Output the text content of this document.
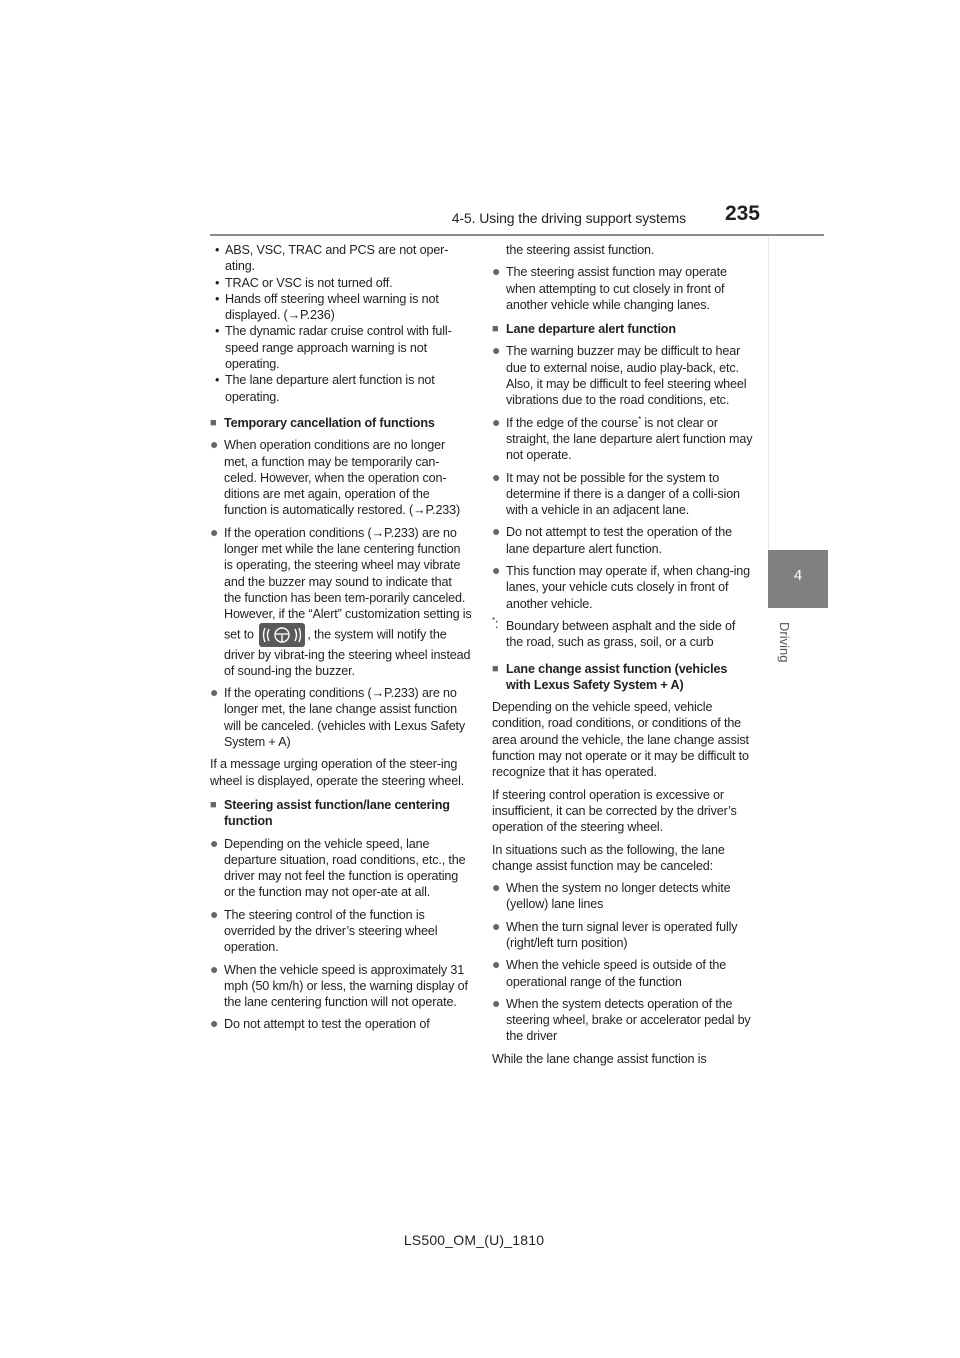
4-5. Using the driving support systems 235
4
Driving
• ABS, VSC, TRAC and PCS are not oper-ating.
• TRAC or VSC is not turned off.
• Hands off steering wheel warning is not displayed. (→P.236)
• The dynamic radar cruise control with full-speed range approach warning is not operating.
• The lane departure alert function is not operating.
■ Temporary cancellation of functions
● When operation conditions are no longer met, a function may be temporarily can-celed. However, when the operation con-ditions are met again, operation of the function is automatically restored. (→P.233)
● If the operation conditions (→P.233) are no longer met while the lane centering function is operating, the steering wheel may vibrate and the buzzer may sound to indicate that the function has been tem-porarily canceled. However, if the “Alert” customization setting is set to	, the system will notify the driver by vibrat-ing the steering wheel instead of sound-ing the buzzer.
● If the operating conditions (→P.233) are no longer met, the lane change assist function will be canceled. (vehicles with Lexus Safety System + A)
If a message urging operation of the steer-ing wheel is displayed, operate the steering wheel.
■ Steering assist function/lane centering function
● Depending on the vehicle speed, lane departure situation, road conditions, etc., the driver may not feel the function is operating or the function may not oper-ate at all.
● The steering control of the function is overrided by the driver’s steering wheel operation.
● When the vehicle speed is approximately 31 mph (50 km/h) or less, the warning display of the lane centering function will not operate.
● Do not attempt to test the operation of
the steering assist function.
● The steering assist function may operate when attempting to cut closely in front of another vehicle while changing lanes.
■ Lane departure alert function
● The warning buzzer may be difficult to hear due to external noise, audio play-back, etc. Also, it may be difficult to feel steering wheel vibrations due to the road conditions, etc.
● If the edge of the course* is not clear or straight, the lane departure alert function may not operate.
● It may not be possible for the system to determine if there is a danger of a colli-sion with a vehicle in an adjacent lane.
● Do not attempt to test the operation of the lane departure alert function.
● This function may operate if, when chang-ing lanes, your vehicle cuts closely in front of another vehicle.
*: Boundary between asphalt and the side of the road, such as grass, soil, or a curb
■ Lane change assist function (vehicles with Lexus Safety System + A)
Depending on the vehicle speed, vehicle condition, road conditions, or conditions of the area around the vehicle, the lane change assist function may not operate or it may be difficult to recognize that it has operated.
If steering control operation is excessive or insufficient, it can be corrected by the driver’s operation of the steering wheel.
In situations such as the following, the lane change assist function may be canceled:
● When the system no longer detects white (yellow) lane lines
● When the turn signal lever is operated fully (right/left turn position)
● When the vehicle speed is outside of the operational range of the function
● When the system detects operation of the steering wheel, brake or accelerator pedal by the driver
While the lane change assist function is
LS500_OM_(U)_1810
